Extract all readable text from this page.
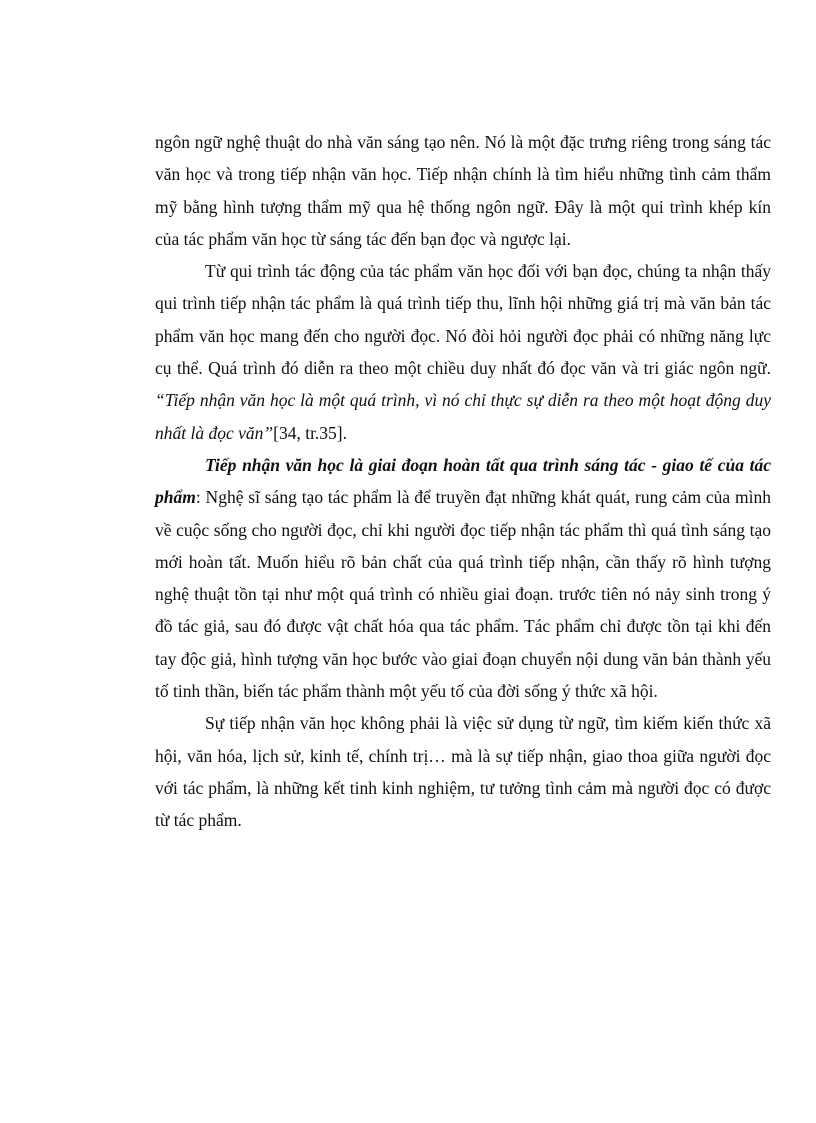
ngôn ngữ nghệ thuật do nhà văn sáng tạo nên. Nó là một đặc trưng riêng trong sáng tác văn học và trong tiếp nhận văn học. Tiếp nhận chính là tìm hiểu những tình cảm thẩm mỹ bằng hình tượng thẩm mỹ qua hệ thống ngôn ngữ. Đây là một qui trình khép kín của tác phẩm văn học từ sáng tác đến bạn đọc và ngược lại.

Từ qui trình tác động của tác phẩm văn học đối với bạn đọc, chúng ta nhận thấy qui trình tiếp nhận tác phẩm là quá trình tiếp thu, lĩnh hội những giá trị mà văn bản tác phẩm văn học mang đến cho người đọc. Nó đòi hỏi người đọc phải có những năng lực cụ thể. Quá trình đó diễn ra theo một chiều duy nhất đó đọc văn và tri giác ngôn ngữ. “Tiếp nhận văn học là một quá trình, vì nó chỉ thực sự diễn ra theo một hoạt động duy nhất là đọc văn”[34, tr.35].

Tiếp nhận văn học là giai đoạn hoàn tất qua trình sáng tác - giao tế của tác phẩm: Nghệ sĩ sáng tạo tác phẩm là để truyền đạt những khát quát, rung cảm của mình về cuộc sống cho người đọc, chỉ khi người đọc tiếp nhận tác phẩm thì quá tình sáng tạo mới hoàn tất. Muốn hiểu rõ bản chất của quá trình tiếp nhận, cần thấy rõ hình tượng nghệ thuật tồn tại như một quá trình có nhiều giai đoạn. trước tiên nó nảy sinh trong ý đồ tác giả, sau đó được vật chất hóa qua tác phẩm. Tác phẩm chỉ được tồn tại khi đến tay độc giả, hình tượng văn học bước vào giai đoạn chuyển nội dung văn bản thành yếu tố tinh thần, biến tác phẩm thành một yếu tố của đời sống ý thức xã hội.

Sự tiếp nhận văn học không phải là việc sử dụng từ ngữ, tìm kiếm kiến thức xã hội, văn hóa, lịch sử, kinh tế, chính trị… mà là sự tiếp nhận, giao thoa giữa người đọc với tác phẩm, là những kết tinh kinh nghiệm, tư tưởng tình cảm mà người đọc có được từ tác phẩm.
